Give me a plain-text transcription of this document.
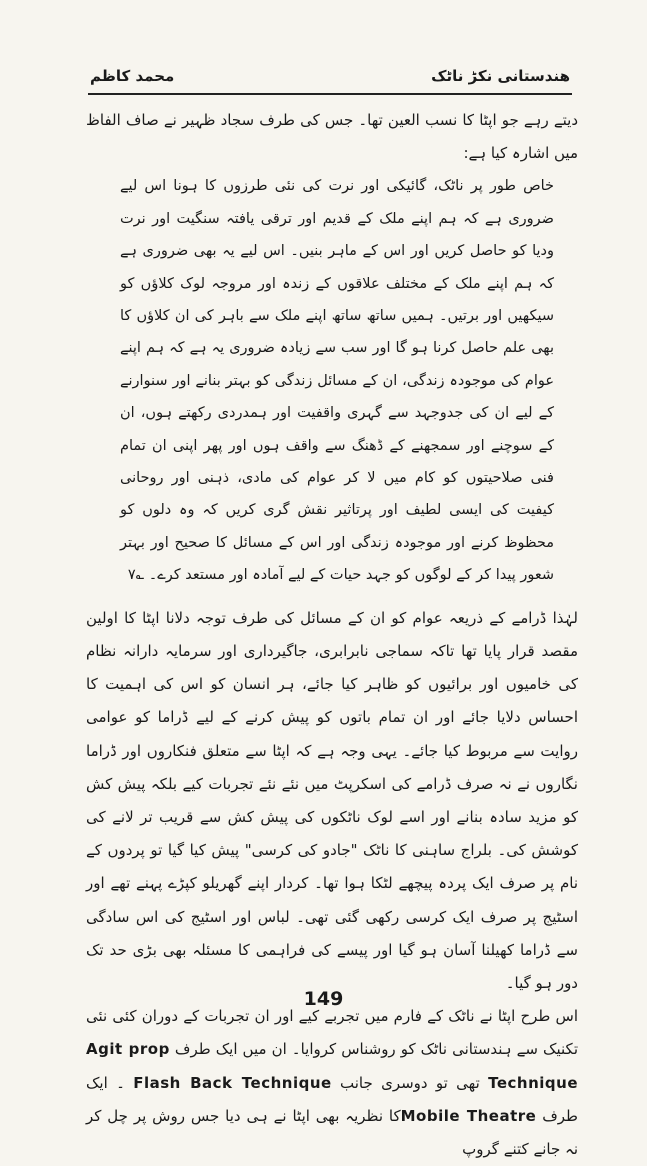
هندستانی نکڑ ناٹک
محمد کاظم

دیتے رہے جو اپٹا کا نسب العین تھا۔ جس کی طرف سجاد ظہیر نے صاف الفاظ میں اشارہ کیا ہے:

خاص طور پر ناٹک، گائیکی اور نرت کی نئی طرزوں کا ہونا اس لیے ضروری ہے کہ ہم اپنے ملک کے قدیم اور ترقی یافتہ سنگیت اور نرت ودیا کو حاصل کریں اور اس کے ماہر بنیں۔ اس لیے یہ بھی ضروری ہے کہ ہم اپنے ملک کے مختلف علاقوں کے زندہ اور مروجہ لوک کلاؤں کو سیکھیں اور برتیں۔ ہمیں ساتھ ساتھ اپنے ملک سے باہر کی ان کلاؤں کا بھی علم حاصل کرنا ہو گا اور سب سے زیادہ ضروری یہ ہے کہ ہم اپنے عوام کی موجودہ زندگی، ان کے مسائل زندگی کو بہتر بنانے اور سنوارنے کے لیے ان کی جدوجہد سے گہری واقفیت اور ہمدردی رکھتے ہوں، ان کے سوچنے اور سمجھنے کے ڈھنگ سے واقف ہوں اور پھر اپنی ان تمام فنی صلاحیتوں کو کام میں لا کر عوام کی مادی، ذہنی اور روحانی کیفیت کی ایسی لطیف اور پرتاثیر نقش گری کریں کہ وہ دلوں کو محظوظ کرنے اور موجودہ زندگی اور اس کے مسائل کا صحیح اور بہتر شعور پیدا کر کے لوگوں کو جہد حیات کے لیے آمادہ اور مستعد کرے۔ ؎۷

لہٰذا ڈرامے کے ذریعہ عوام کو ان کے مسائل کی طرف توجہ دلانا اپٹا کا اولین مقصد قرار پایا تھا تاکہ سماجی نابرابری، جاگیرداری اور سرمایہ دارانہ نظام کی خامیوں اور برائیوں کو ظاہر کیا جائے، ہر انسان کو اس کی اہمیت کا احساس دلایا جائے اور ان تمام باتوں کو پیش کرنے کے لیے ڈراما کو عوامی روایت سے مربوط کیا جائے۔ یہی وجہ ہے کہ اپٹا سے متعلق فنکاروں اور ڈراما نگاروں نے نہ صرف ڈرامے کی اسکرپٹ میں نئے نئے تجربات کیے بلکہ پیش کش کو مزید سادہ بنانے اور اسے لوک ناٹکوں کی پیش کش سے قریب تر لانے کی کوشش کی۔ بلراج ساہنی کا ناٹک "جادو کی کرسی" پیش کیا گیا تو پردوں کے نام پر صرف ایک پردہ پیچھے لٹکا ہوا تھا۔ کردار اپنے گھریلو کپڑے پہنے تھے اور اسٹیج پر صرف ایک کرسی رکھی گئی تھی۔ لباس اور اسٹیج کی اس سادگی سے ڈراما کھیلنا آسان ہو گیا اور پیسے کی فراہمی کا مسئلہ بھی بڑی حد تک دور ہو گیا۔

اس طرح اپٹا نے ناٹک کے فارم میں تجربے کیے اور ان تجربات کے دوران کئی نئی تکنیک سے ہندستانی ناٹک کو روشناس کروایا۔ ان میں ایک طرف Agit prop Technique تھی تو دوسری جانب Flash Back Technique ۔ ایک طرف Mobile Theatreکا نظریہ بھی اپٹا نے ہی دیا جس روش پر چل کر نہ جانے کتنے گروپ

149
